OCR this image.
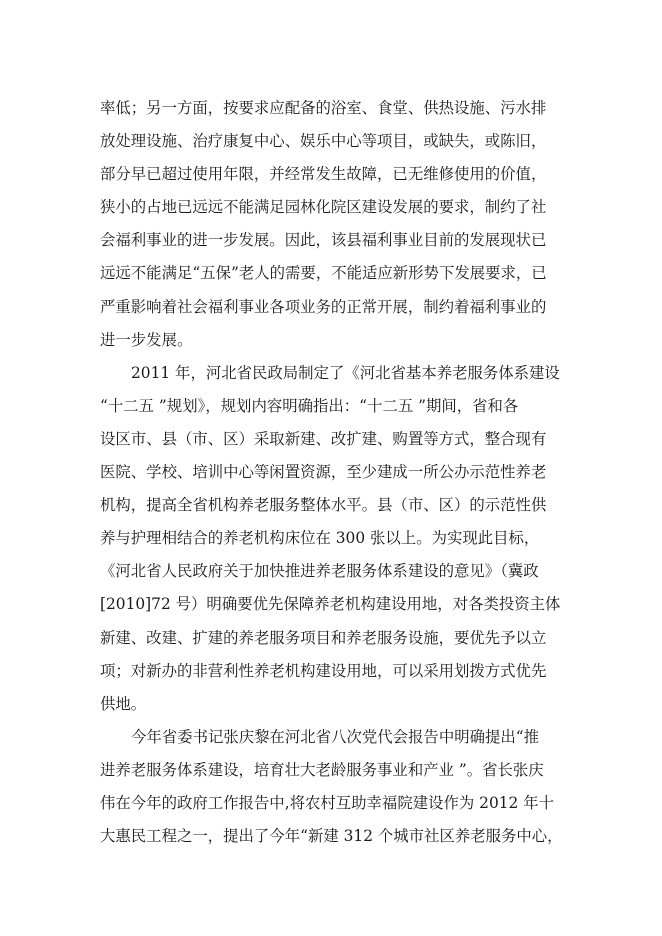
率低；另一方面，按要求应配备的浴室、食堂、供热设施、污水排
放处理设施、治疗康复中心、娱乐中心等项目，或缺失，或陈旧，
部分早已超过使用年限，并经常发生故障，已无维修使用的价值，
狭小的占地已远远不能满足园林化院区建设发展的要求，制约了社
会福利事业的进一步发展。因此，该县福利事业目前的发展现状已
远远不能满足“五保”老人的需要，不能适应新形势下发展要求，已
严重影响着社会福利事业各项业务的正常开展，制约着福利事业的
进一步发展。
2011 年，河北省民政局制定了《河北省基本养老服务体系建设
“十二五 ”规划》，规划内容明确指出：“十二五 ”期间，省和各
设区市、县（市、区）采取新建、改扩建、购置等方式，整合现有
医院、学校、培训中心等闲置资源，至少建成一所公办示范性养老
机构，提高全省机构养老服务整体水平。县（市、区）的示范性供
养与护理相结合的养老机构床位在 300 张以上。为实现此目标，
《河北省人民政府关于加快推进养老服务体系建设的意见》（冀政
[2010]72 号）明确要优先保障养老机构建设用地，对各类投资主体
新建、改建、扩建的养老服务项目和养老服务设施，要优先予以立
项；对新办的非营利性养老机构建设用地，可以采用划拨方式优先
供地。
今年省委书记张庆黎在河北省八次党代会报告中明确提出“推
进养老服务体系建设，培育壮大老龄服务事业和产业 ”。省长张庆
伟在今年的政府工作报告中,将农村互助幸福院建设作为 2012 年十
大惠民工程之一，提出了今年“新建 312 个城市社区养老服务中心，
